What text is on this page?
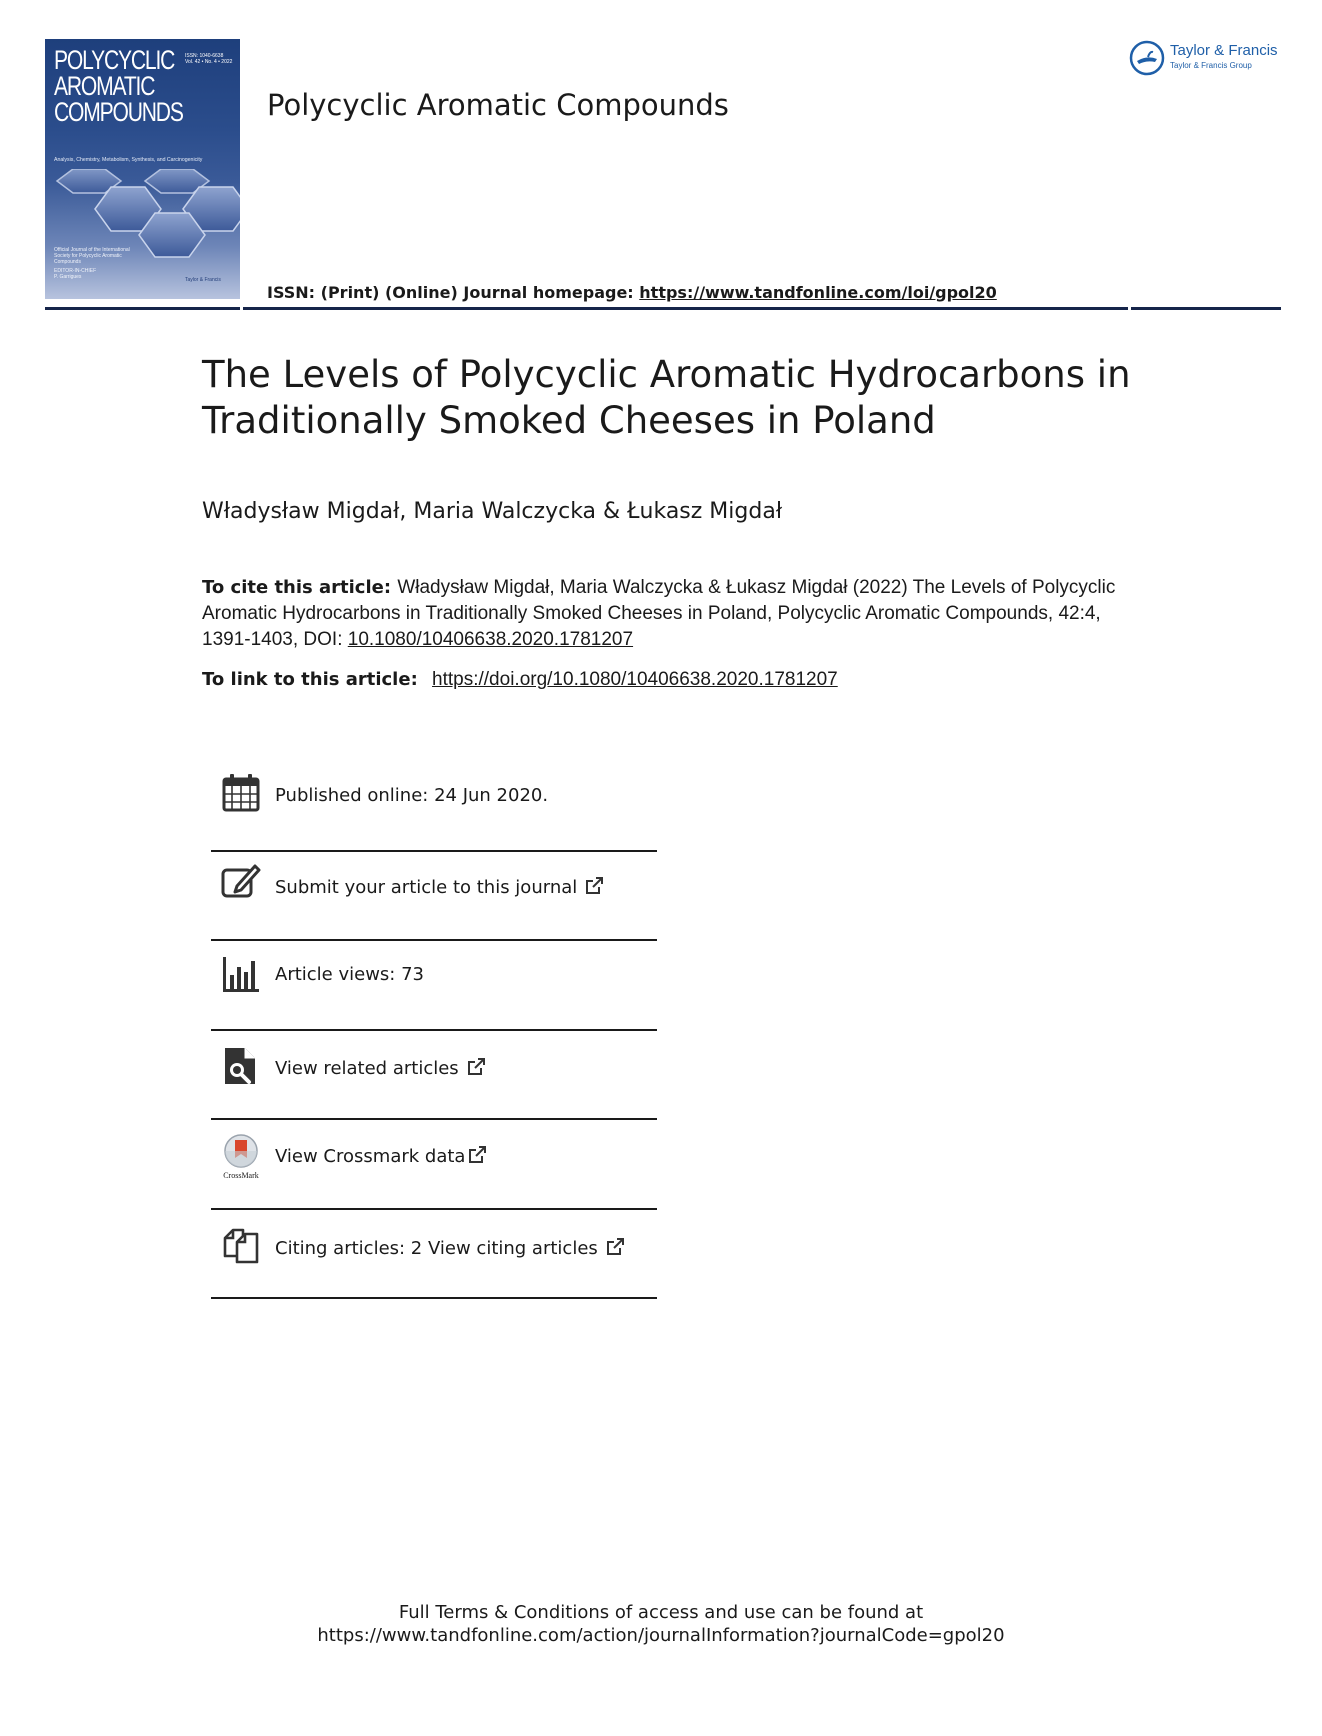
POLYCYCLIC
AROMATIC
COMPOUNDS
ISSN: 1040-6638
Vol. 42 • No. 4 • 2022
Analysis, Chemistry, Metabolism, Synthesis, and Carcinogenicity
Official Journal of the International
Society for Polycyclic Aromatic
Compounds
EDITOR-IN-CHIEF
P. Garrigues	Taylor & Francis
Polycyclic Aromatic Compounds
Taylor & Francis
Taylor & Francis Group
ISSN: (Print) (Online) Journal homepage: https://www.tandfonline.com/loi/gpol20
The Levels of Polycyclic Aromatic Hydrocarbons in Traditionally Smoked Cheeses in Poland
Władysław Migdał, Maria Walczycka & Łukasz Migdał
To cite this article: Władysław Migdał, Maria Walczycka & Łukasz Migdał (2022) The Levels of Polycyclic Aromatic Hydrocarbons in Traditionally Smoked Cheeses in Poland, Polycyclic Aromatic Compounds, 42:4, 1391-1403, DOI: 10.1080/10406638.2020.1781207
To link to this article: https://doi.org/10.1080/10406638.2020.1781207
Published online: 24 Jun 2020.
Submit your article to this journal
Article views: 73
View related articles
CrossMark
View Crossmark data
Citing articles: 2 View citing articles
Full Terms & Conditions of access and use can be found at
https://www.tandfonline.com/action/journalInformation?journalCode=gpol20
